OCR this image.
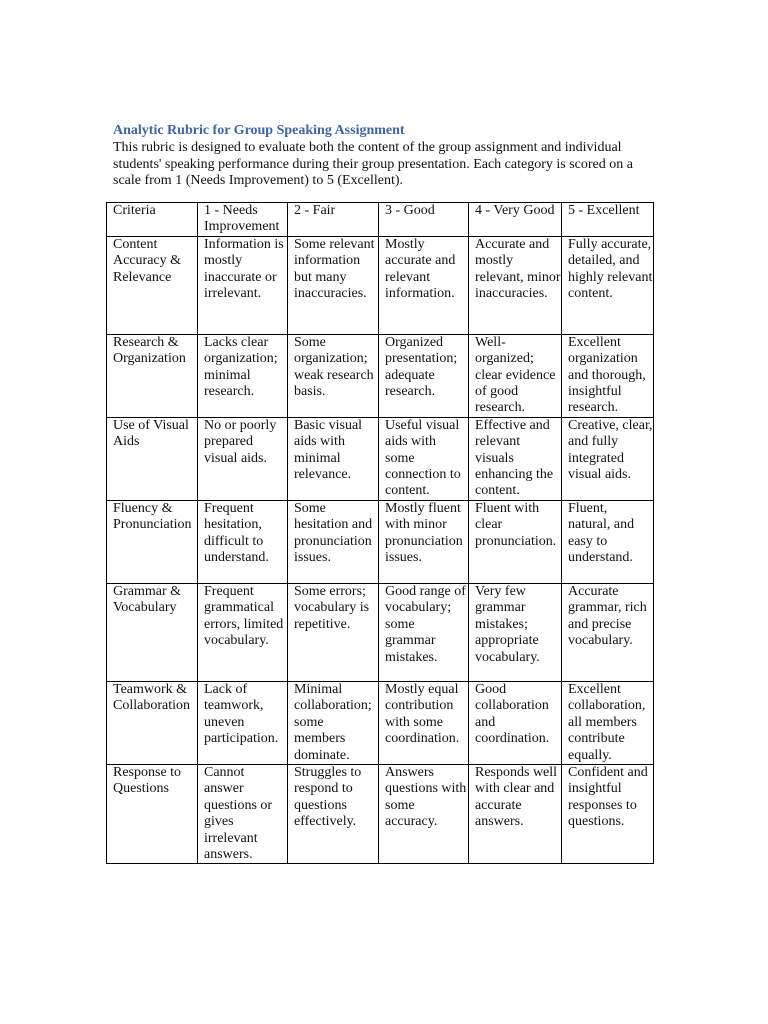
Analytic Rubric for Group Speaking Assignment
This rubric is designed to evaluate both the content of the group assignment and individual students' speaking performance during their group presentation. Each category is scored on a scale from 1 (Needs Improvement) to 5 (Excellent).
Criteria	1 - Needs Improvement	2 - Fair	3 - Good	4 - Very Good	5 - Excellent
Content Accuracy & Relevance	Information is mostly inaccurate or irrelevant.	Some relevant information but many inaccuracies.	Mostly accurate and relevant information.	Accurate and mostly relevant, minor inaccuracies.	Fully accurate, detailed, and highly relevant content.
Research & Organization	Lacks clear organization; minimal research.	Some organization; weak research basis.	Organized presentation; adequate research.	Well-organized; clear evidence of good research.	Excellent organization and thorough, insightful research.
Use of Visual Aids	No or poorly prepared visual aids.	Basic visual aids with minimal relevance.	Useful visual aids with some connection to content.	Effective and relevant visuals enhancing the content.	Creative, clear, and fully integrated visual aids.
Fluency & Pronunciation	Frequent hesitation, difficult to understand.	Some hesitation and pronunciation issues.	Mostly fluent with minor pronunciation issues.	Fluent with clear pronunciation.	Fluent, natural, and easy to understand.
Grammar & Vocabulary	Frequent grammatical errors, limited vocabulary.	Some errors; vocabulary is repetitive.	Good range of vocabulary; some grammar mistakes.	Very few grammar mistakes; appropriate vocabulary.	Accurate grammar, rich and precise vocabulary.
Teamwork & Collaboration	Lack of teamwork, uneven participation.	Minimal collaboration; some members dominate.	Mostly equal contribution with some coordination.	Good collaboration and coordination.	Excellent collaboration, all members contribute equally.
Response to Questions	Cannot answer questions or gives irrelevant answers.	Struggles to respond to questions effectively.	Answers questions with some accuracy.	Responds well with clear and accurate answers.	Confident and insightful responses to questions.
